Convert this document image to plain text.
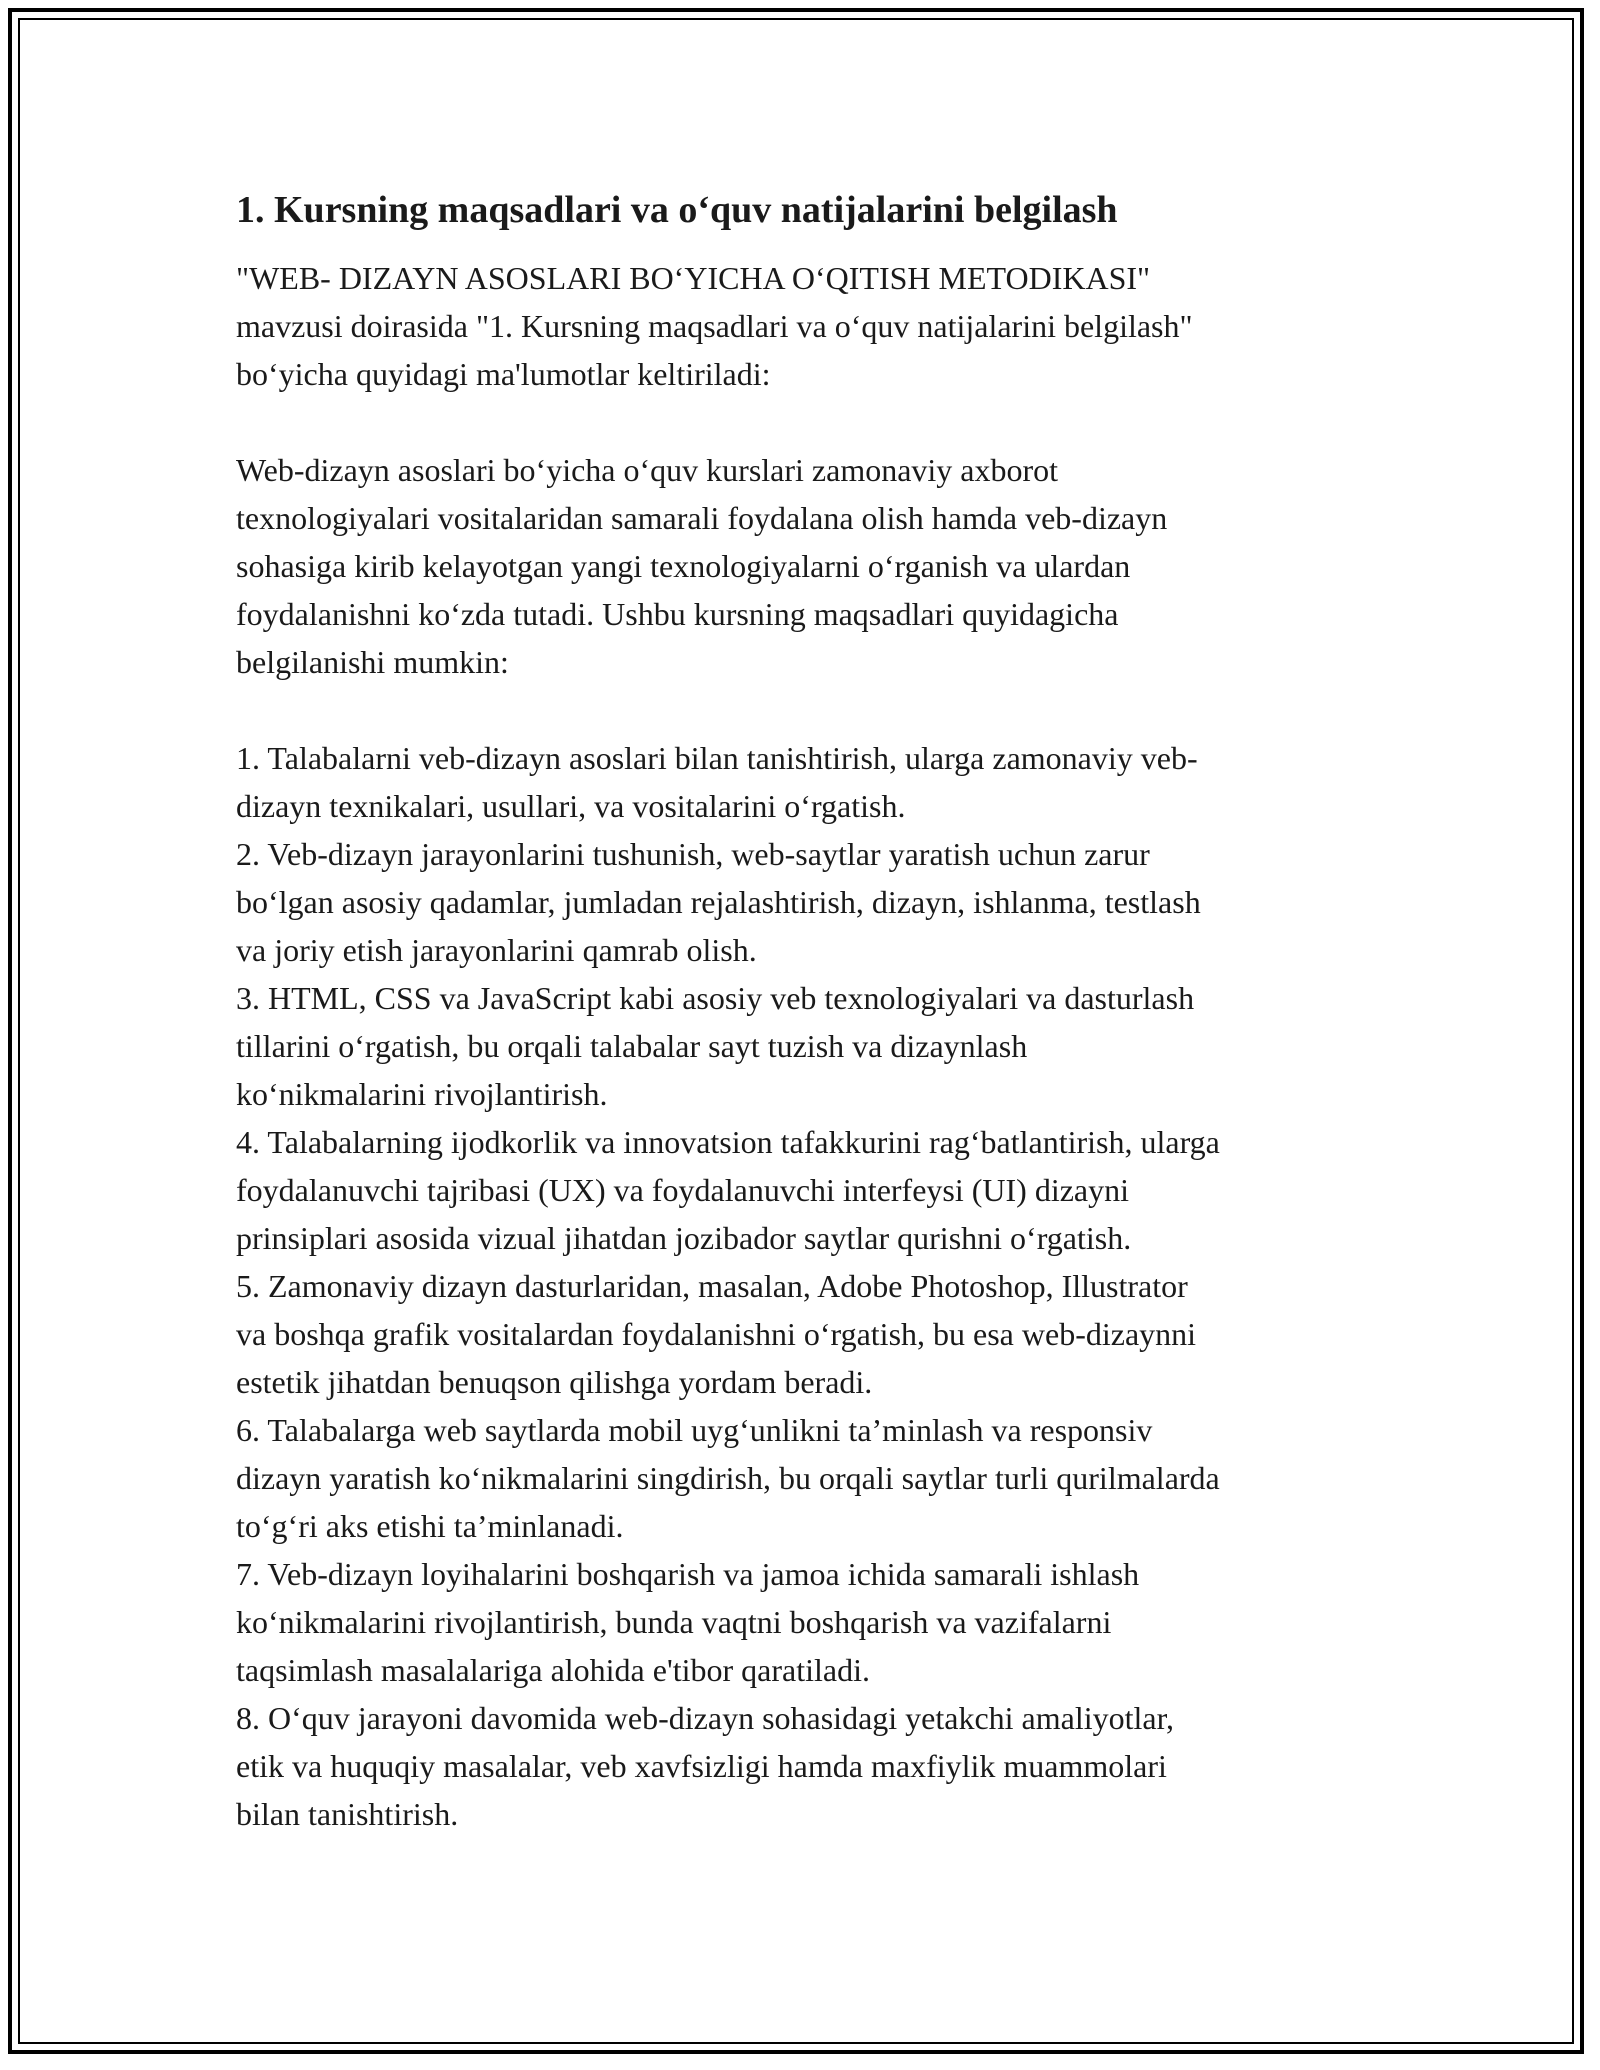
1. Kursning maqsadlari va o‘quv natijalarini belgilash

"WEB- DIZAYN ASOSLARI BO‘YICHA O‘QITISH METODIKASI"
mavzusi doirasida "1. Kursning maqsadlari va o‘quv natijalarini belgilash"
bo‘yicha quyidagi ma'lumotlar keltiriladi:

Web-dizayn asoslari bo‘yicha o‘quv kurslari zamonaviy axborot
texnologiyalari vositalaridan samarali foydalana olish hamda veb-dizayn
sohasiga kirib kelayotgan yangi texnologiyalarni o‘rganish va ulardan
foydalanishni ko‘zda tutadi. Ushbu kursning maqsadlari quyidagicha
belgilanishi mumkin:

1. Talabalarni veb-dizayn asoslari bilan tanishtirish, ularga zamonaviy veb-
dizayn texnikalari, usullari, va vositalarini o‘rgatish.
2. Veb-dizayn jarayonlarini tushunish, web-saytlar yaratish uchun zarur
bo‘lgan asosiy qadamlar, jumladan rejalashtirish, dizayn, ishlanma, testlash
va joriy etish jarayonlarini qamrab olish.
3. HTML, CSS va JavaScript kabi asosiy veb texnologiyalari va dasturlash
tillarini o‘rgatish, bu orqali talabalar sayt tuzish va dizaynlash
ko‘nikmalarini rivojlantirish.
4. Talabalarning ijodkorlik va innovatsion tafakkurini rag‘batlantirish, ularga
foydalanuvchi tajribasi (UX) va foydalanuvchi interfeysi (UI) dizayni
prinsiplari asosida vizual jihatdan jozibador saytlar qurishni o‘rgatish.
5. Zamonaviy dizayn dasturlaridan, masalan, Adobe Photoshop, Illustrator
va boshqa grafik vositalardan foydalanishni o‘rgatish, bu esa web-dizaynni
estetik jihatdan benuqson qilishga yordam beradi.
6. Talabalarga web saytlarda mobil uyg‘unlikni ta’minlash va responsiv
dizayn yaratish ko‘nikmalarini singdirish, bu orqali saytlar turli qurilmalarda
to‘g‘ri aks etishi ta’minlanadi.
7. Veb-dizayn loyihalarini boshqarish va jamoa ichida samarali ishlash
ko‘nikmalarini rivojlantirish, bunda vaqtni boshqarish va vazifalarni
taqsimlash masalalariga alohida e'tibor qaratiladi.
8. O‘quv jarayoni davomida web-dizayn sohasidagi yetakchi amaliyotlar,
etik va huquqiy masalalar, veb xavfsizligi hamda maxfiylik muammolari
bilan tanishtirish.
